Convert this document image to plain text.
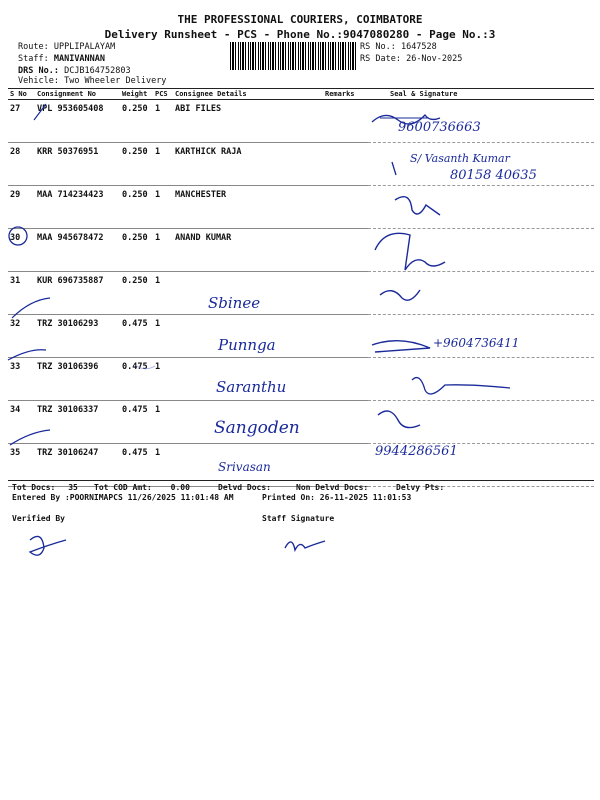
THE PROFESSIONAL COURIERS, COIMBATORE
Delivery Runsheet - PCS - Phone No.:9047080280 - Page No.:3
Route: UPPLIPALAYAM
Staff: MANIVANNAN
DRS No.: DCJB164752803
Vehicle: Two Wheeler Delivery
RS No.: 1647528
RS Date: 26-Nov-2025
S No	Consignment No	Weight	PCS	Consignee Details	Remarks	Seal & Signature
27	VPL 953605408	0.250	1	ABI FILES		
28	KRR 50376951	0.250	1	KARTHICK RAJA		
29	MAA 714234423	0.250	1	MANCHESTER		
30	MAA 945678472	0.250	1	ANAND KUMAR		
31	KUR 696735887	0.250	1			
32	TRZ 30106293	0.475	1			
33	TRZ 30106396	0.475	1			
34	TRZ 30106337	0.475	1			
35	TRZ 30106247	0.475	1			
9600736663
S/ Vasanth Kumar
80158 40635
Sbinee
Punnga	+9604736411
Saranthu
Sangoden
Srivasan
9944286561
Tot Docs: 35 Tot COD Amt: 0.00	Delvd Docs:	Non Delvd Docs:	Delvy Pts:
Entered By :POORNIMAPCS 11/26/2025 11:01:48 AM	Printed On: 26-11-2025 11:01:53
Verified By	Staff Signature
